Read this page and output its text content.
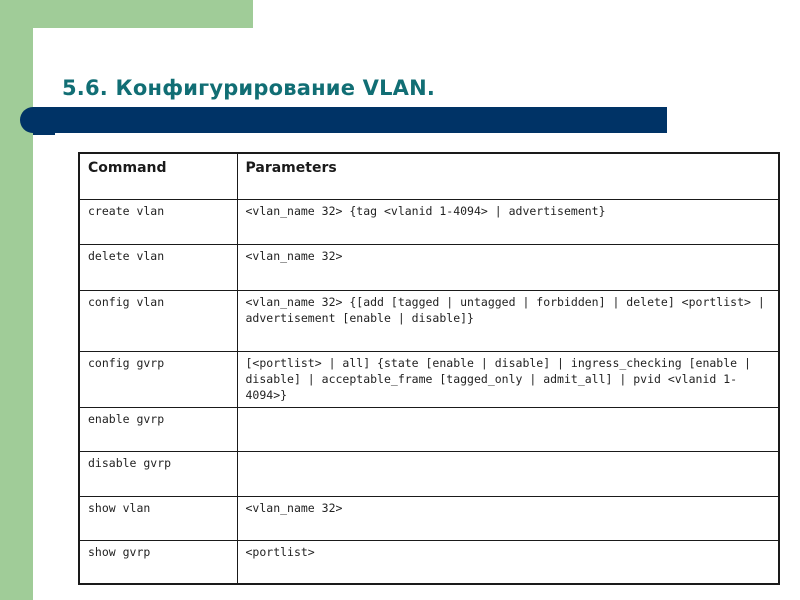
5.6. Конфигурирование VLAN.
Command	Parameters
create vlan	<vlan_name 32> {tag <vlanid 1-4094> | advertisement}
delete vlan	<vlan_name 32>
config vlan	<vlan_name 32> {[add [tagged | untagged | forbidden] | delete] <portlist> | advertisement [enable | disable]}
config gvrp	[<portlist> | all] {state [enable | disable] | ingress_checking [enable | disable] | acceptable_frame [tagged_only | admit_all] | pvid <vlanid 1-4094>}
enable gvrp	
disable gvrp	
show vlan	<vlan_name 32>
show gvrp	<portlist>
